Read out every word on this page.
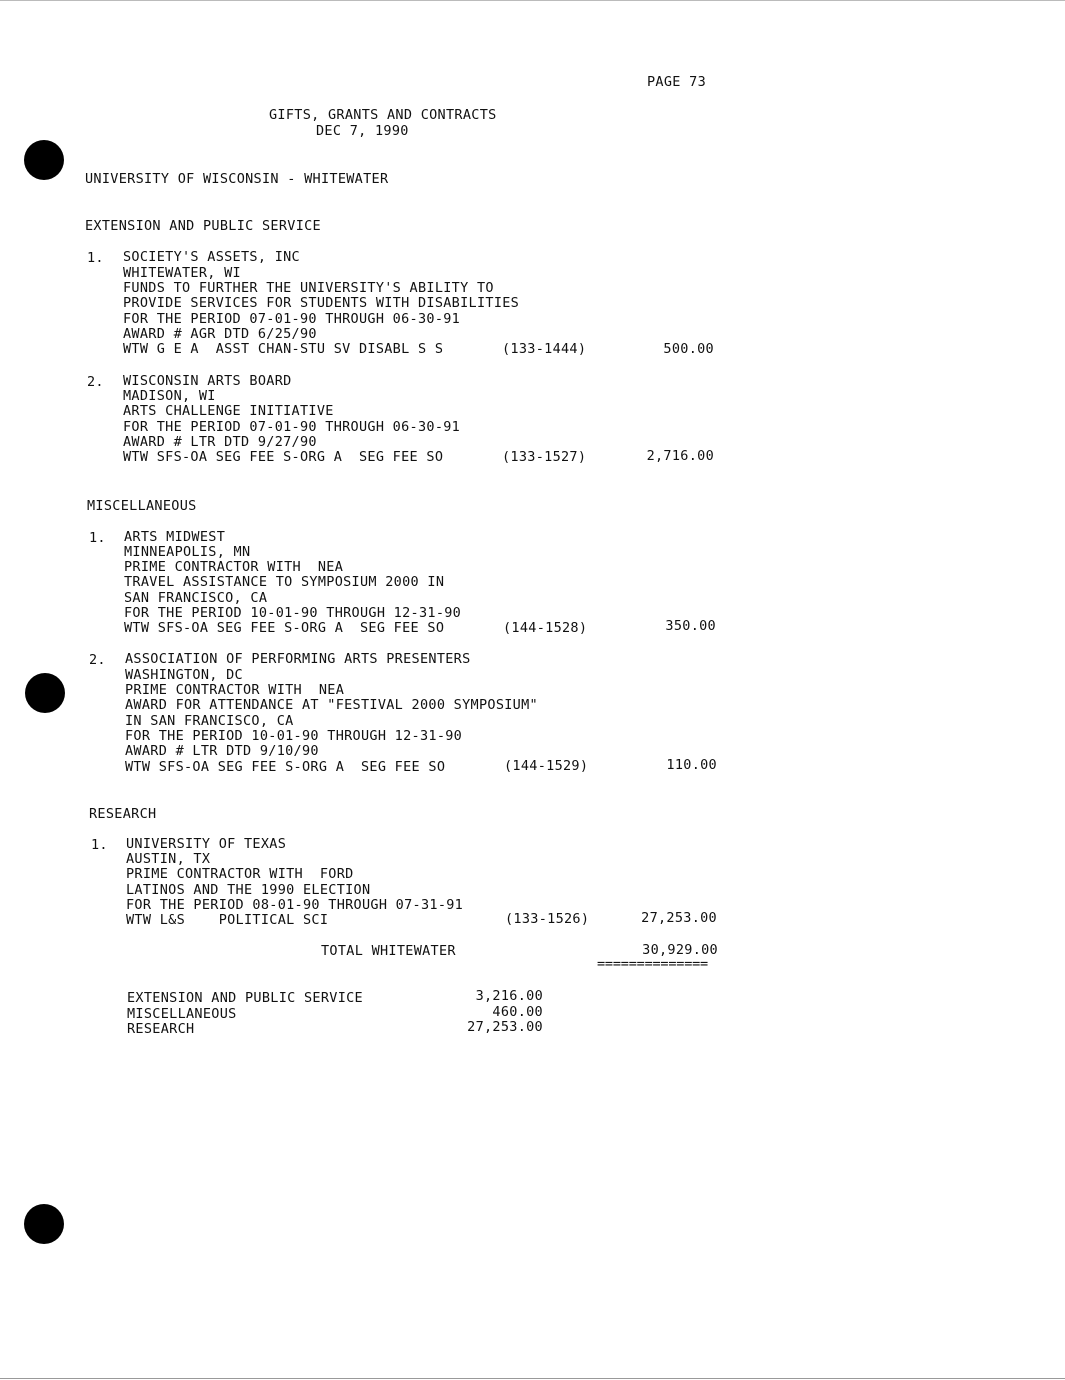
PAGE 73
GIFTS, GRANTS AND CONTRACTS
DEC 7, 1990
UNIVERSITY OF WISCONSIN - WHITEWATER
EXTENSION AND PUBLIC SERVICE
1. SOCIETY'S ASSETS, INC
WHITEWATER, WI
FUNDS TO FURTHER THE UNIVERSITY'S ABILITY TO
PROVIDE SERVICES FOR STUDENTS WITH DISABILITIES
FOR THE PERIOD 07-01-90 THROUGH 06-30-91
AWARD # AGR DTD 6/25/90
WTW G E A  ASST CHAN-STU SV DISABL S S	(133-1444)	500.00
2. WISCONSIN ARTS BOARD
MADISON, WI
ARTS CHALLENGE INITIATIVE
FOR THE PERIOD 07-01-90 THROUGH 06-30-91
AWARD # LTR DTD 9/27/90
WTW SFS-OA SEG FEE S-ORG A  SEG FEE SO	(133-1527)	2,716.00
MISCELLANEOUS
1. ARTS MIDWEST
MINNEAPOLIS, MN
PRIME CONTRACTOR WITH  NEA
TRAVEL ASSISTANCE TO SYMPOSIUM 2000 IN
SAN FRANCISCO, CA
FOR THE PERIOD 10-01-90 THROUGH 12-31-90
WTW SFS-OA SEG FEE S-ORG A  SEG FEE SO	(144-1528)	350.00
2. ASSOCIATION OF PERFORMING ARTS PRESENTERS
WASHINGTON, DC
PRIME CONTRACTOR WITH  NEA
AWARD FOR ATTENDANCE AT "FESTIVAL 2000 SYMPOSIUM"
IN SAN FRANCISCO, CA
FOR THE PERIOD 10-01-90 THROUGH 12-31-90
AWARD # LTR DTD 9/10/90
WTW SFS-OA SEG FEE S-ORG A  SEG FEE SO	(144-1529)	110.00
RESEARCH
1. UNIVERSITY OF TEXAS
AUSTIN, TX
PRIME CONTRACTOR WITH  FORD
LATINOS AND THE 1990 ELECTION
FOR THE PERIOD 08-01-90 THROUGH 07-31-91
WTW L&S    POLITICAL SCI	(133-1526)	27,253.00
TOTAL WHITEWATER	30,929.00
==============
EXTENSION AND PUBLIC SERVICE	3,216.00
MISCELLANEOUS	460.00
RESEARCH	27,253.00
